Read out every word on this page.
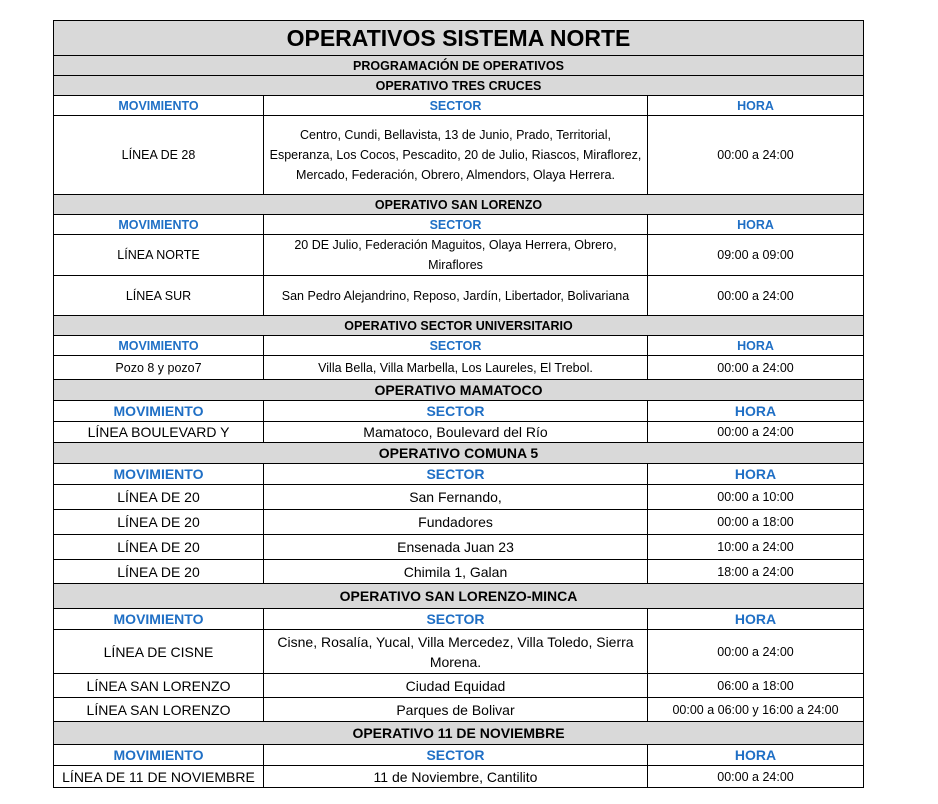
OPERATIVOS SISTEMA NORTE		
PROGRAMACIÓN DE OPERATIVOS		
OPERATIVO TRES CRUCES		
MOVIMIENTO	SECTOR	HORA
LÍNEA DE 28	Centro, Cundi, Bellavista, 13 de Junio, Prado, Territorial, Esperanza, Los Cocos, Pescadito, 20 de Julio, Riascos, Miraflorez, Mercado, Federación, Obrero, Almendors, Olaya Herrera.	00:00 a 24:00
OPERATIVO SAN LORENZO		
MOVIMIENTO	SECTOR	HORA
LÍNEA NORTE	20 DE Julio, Federación Maguitos, Olaya Herrera, Obrero, Miraflores	09:00 a 09:00
LÍNEA SUR	San Pedro Alejandrino, Reposo, Jardín, Libertador, Bolivariana	00:00 a 24:00
OPERATIVO SECTOR UNIVERSITARIO		
MOVIMIENTO	SECTOR	HORA
Pozo 8 y pozo7	Villa Bella, Villa Marbella, Los Laureles, El Trebol.	00:00 a 24:00
OPERATIVO MAMATOCO		
MOVIMIENTO	SECTOR	HORA
LÍNEA BOULEVARD Y	Mamatoco, Boulevard del Río	00:00 a 24:00
OPERATIVO COMUNA 5		
MOVIMIENTO	SECTOR	HORA
LÍNEA DE 20	San Fernando,	00:00 a 10:00
LÍNEA DE 20	Fundadores	00:00 a 18:00
LÍNEA DE 20	Ensenada Juan 23	10:00 a 24:00
LÍNEA DE 20	Chimila 1, Galan	18:00 a 24:00
OPERATIVO SAN LORENZO-MINCA		
MOVIMIENTO	SECTOR	HORA
LÍNEA DE CISNE	Cisne, Rosalía, Yucal, Villa Mercedez, Villa Toledo, Sierra Morena.	00:00 a 24:00
LÍNEA SAN LORENZO	Ciudad Equidad	06:00 a 18:00
LÍNEA SAN LORENZO	Parques de Bolivar	00:00 a 06:00 y 16:00 a 24:00
OPERATIVO 11 DE NOVIEMBRE		
MOVIMIENTO	SECTOR	HORA
LÍNEA DE 11 DE NOVIEMBRE	11 de Noviembre, Cantilito	00:00 a 24:00
